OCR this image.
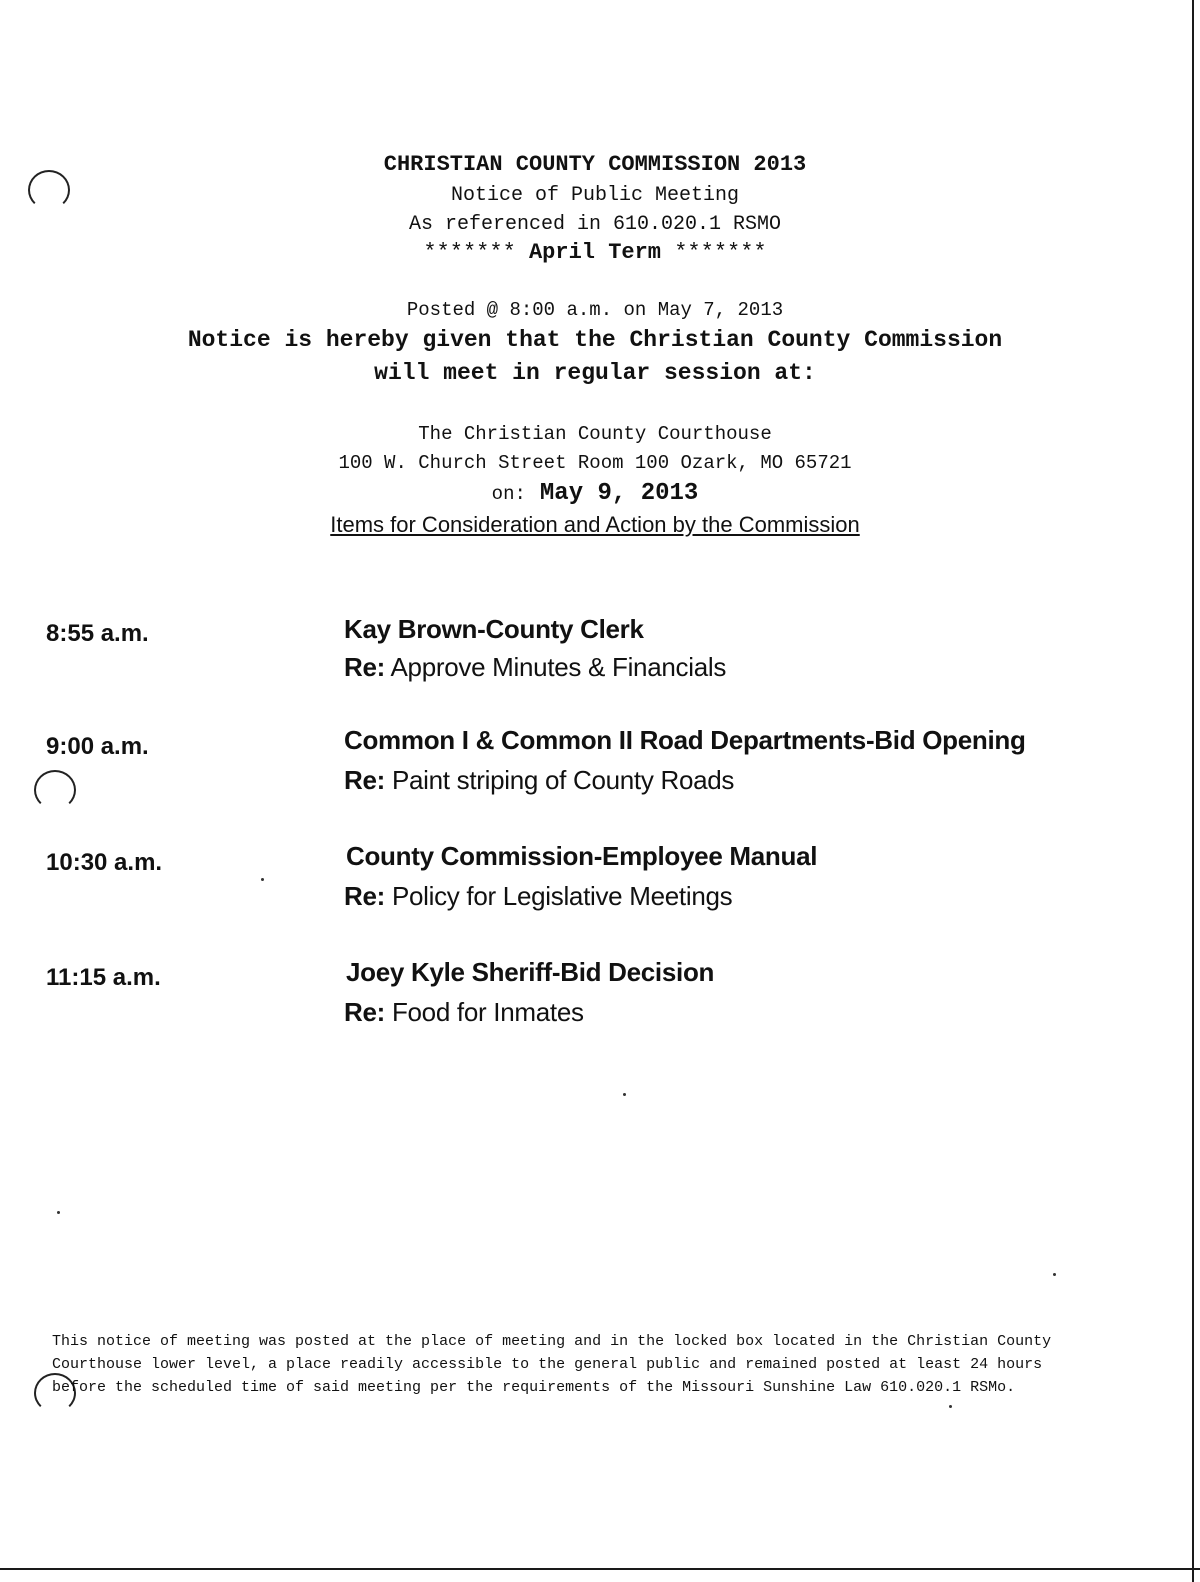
CHRISTIAN COUNTY COMMISSION 2013
Notice of Public Meeting
As referenced in 610.020.1 RSMO
******* April Term *******
Posted @ 8:00 a.m. on May 7, 2013
Notice is hereby given that the Christian County Commission
will meet in regular session at:
The Christian County Courthouse
100 W. Church Street Room 100 Ozark, MO 65721
on: May 9, 2013
Items for Consideration and Action by the Commission
8:55 a.m.	Kay Brown-County Clerk
Re: Approve Minutes & Financials
9:00 a.m.	Common I & Common II Road Departments-Bid Opening
Re: Paint striping of County Roads
10:30 a.m.	County Commission-Employee Manual
Re: Policy for Legislative Meetings
11:15 a.m.	Joey Kyle Sheriff-Bid Decision
Re: Food for Inmates

This notice of meeting was posted at the place of meeting and in the locked box located in the Christian County

Courthouse lower level, a place readily accessible to the general public and remained posted at least 24 hours

before the scheduled time of said meeting per the requirements of the Missouri Sunshine Law 610.020.1 RSMo.
